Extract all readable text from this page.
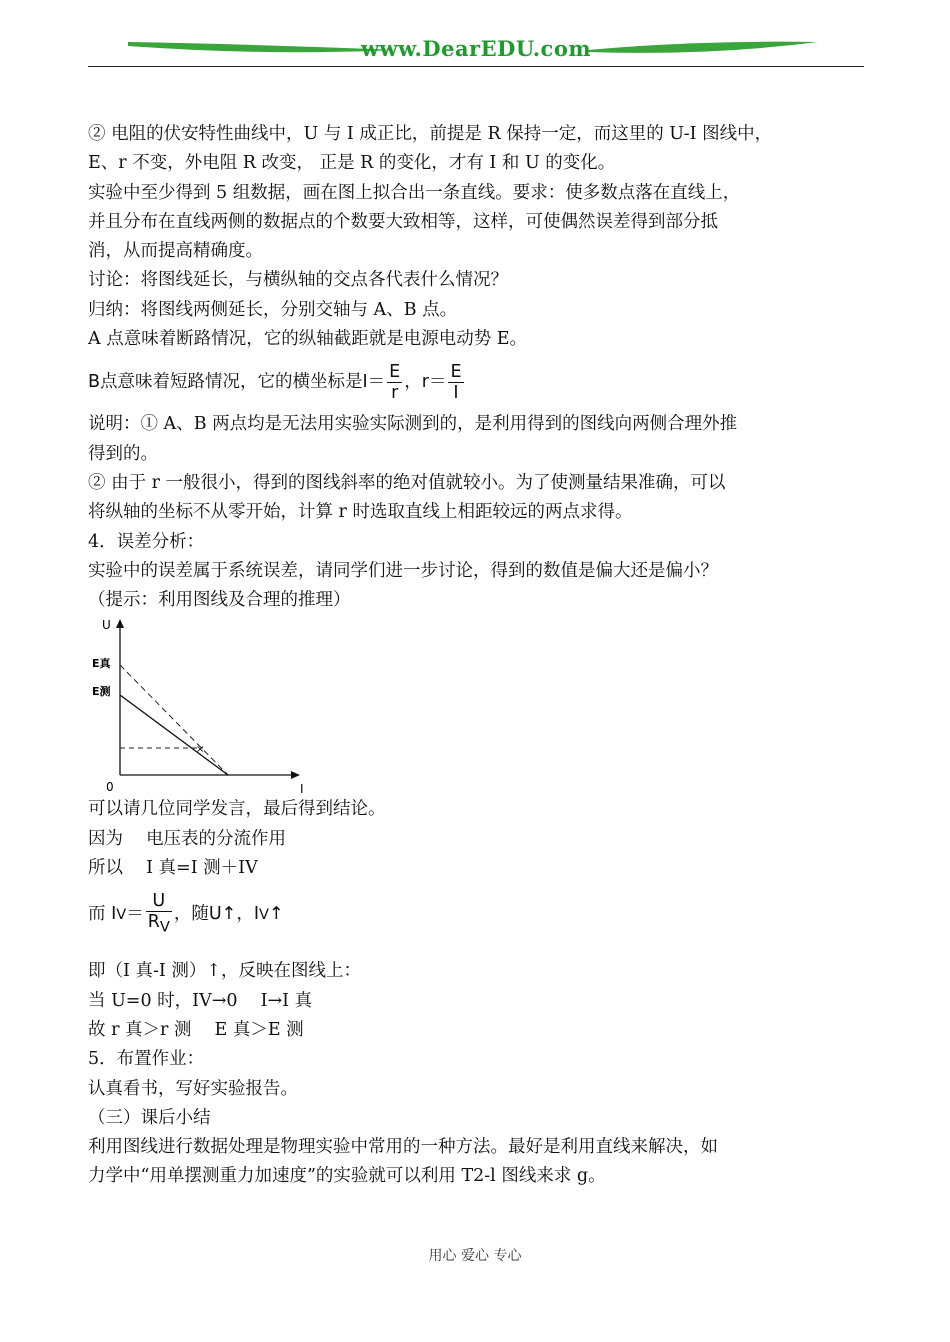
www.DearEDU.com

② 电阻的伏安特性曲线中，U 与 I 成正比，前提是 R 保持一定，而这里的 U-I 图线中，

E、r 不变，外电阻 R 改变， 正是 R 的变化，才有 I 和 U 的变化。

实验中至少得到 5 组数据，画在图上拟合出一条直线。要求：使多数点落在直线上，

并且分布在直线两侧的数据点的个数要大致相等，这样，可使偶然误差得到部分抵

消，从而提高精确度。

讨论：将图线延长，与横纵轴的交点各代表什么情况？

归纳：将图线两侧延长，分别交轴与 A、B 点。

A 点意味着断路情况，它的纵轴截距就是电源电动势 E。

B点意味着短路情况，它的横坐标是$I= \frac{E}{r}$ ，$r= \frac{E}{I}$

说明：① A、B 两点均是无法用实验实际测到的，是利用得到的图线向两侧合理外推

得到的。

② 由于 r 一般很小，得到的图线斜率的绝对值就较小。为了使测量结果准确，可以

将纵轴的坐标不从零开始，计算 r 时选取直线上相距较远的两点求得。

4．误差分析：

实验中的误差属于系统误差，请同学们进一步讨论，得到的数值是偏大还是偏小？

（提示：利用图线及合理的推理）

U
I
0
E真
E测
×

可以请几位同学发言，最后得到结论。

因为　 电压表的分流作用

所以　 I 真=I 测＋IV

而 I $V = \frac{U}{R_V}$ ，随U↑，I V ↑

即（I 真-I 测）↑，反映在图线上：

当 U=0 时，IV→0　 I→I 真

故 r 真＞r 测　 E 真＞E 测

5．布置作业：

认真看书，写好实验报告。

（三）课后小结

利用图线进行数据处理是物理实验中常用的一种方法。最好是利用直线来解决，如

力学中“用单摆测重力加速度”的实验就可以利用 T2-l 图线来求 g。

用心 爱心 专心
